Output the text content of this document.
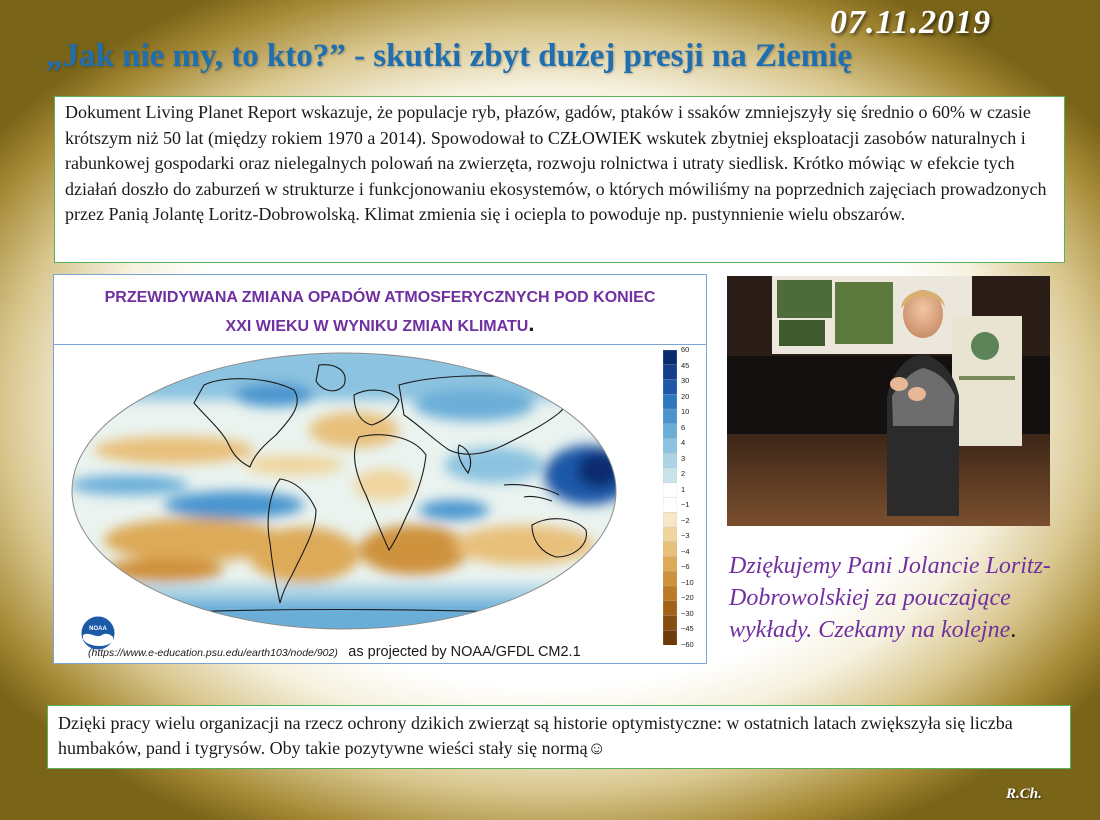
07.11.2019
„Jak nie my, to kto?” - skutki zbyt dużej presji na Ziemię
Dokument Living Planet Report wskazuje, że populacje ryb, płazów, gadów, ptaków i ssaków zmniejszyły się średnio o 60% w czasie krótszym niż 50 lat (między rokiem 1970 a 2014). Spowodował to CZŁOWIEK wskutek zbytniej eksploatacji zasobów naturalnych i rabunkowej gospodarki oraz nielegalnych polowań na zwierzęta, rozwoju rolnictwa i utraty siedlisk. Krótko mówiąc w efekcie tych działań doszło do zaburzeń w strukturze i funkcjonowaniu ekosystemów, o których mówiliśmy na poprzednich zajęciach prowadzonych przez Panią Jolantę Loritz-Dobrowolską. Klimat zmienia się i ociepla to powoduje np. pustynnienie wielu obszarów.
PRZEWIDYWANA ZMIANA OPADÓW ATMOSFERYCZNYCH POD KONIEC
XXI WIEKU W WYNIKU ZMIAN KLIMATU.
60
45
30
20
10
6
4
3
2
1
−1
−2
−3
−4
−6
−10
−20
−30
−45
−60
NOAA
(https://www.e-education.psu.edu/earth103/node/902) as projected by NOAA/GFDL CM2.1
Dziękujemy Pani Jolancie Loritz-Dobrowolskiej za pouczające wykłady. Czekamy na kolejne.
Dzięki pracy wielu organizacji na rzecz ochrony dzikich zwierząt są historie optymistyczne: w ostatnich latach zwiększyła się liczba humbaków, pand i tygrysów. Oby takie pozytywne wieści stały się normą☺
R.Ch.
